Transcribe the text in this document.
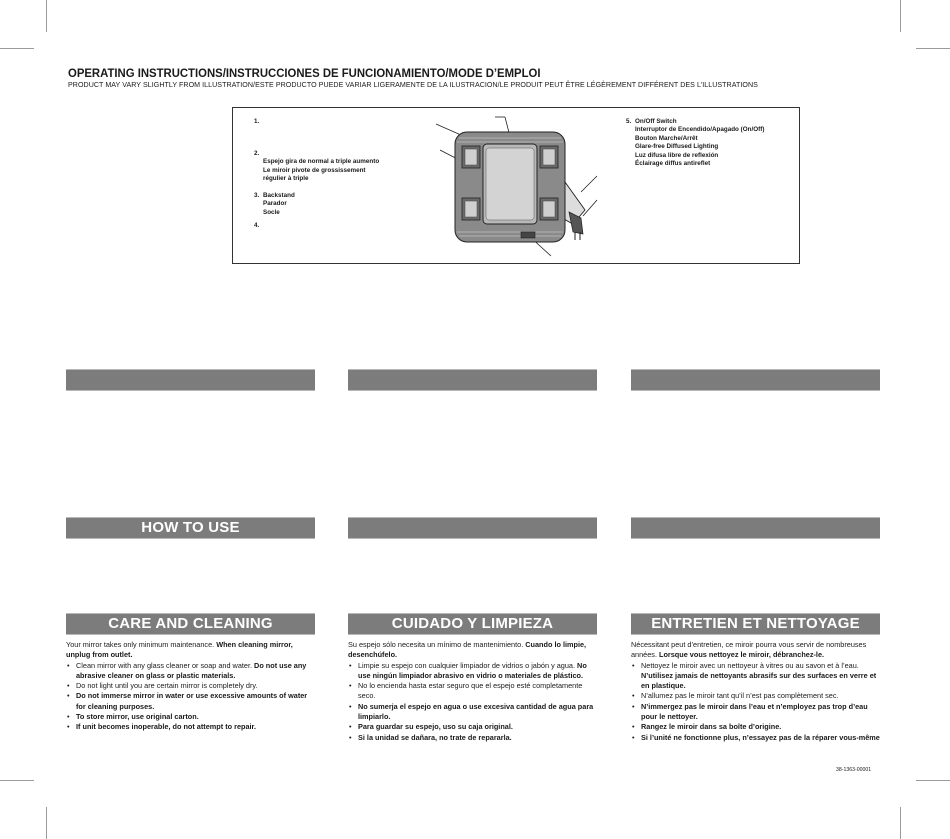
OPERATING INSTRUCTIONS/INSTRUCCIONES DE FUNCIONAMIENTO/MODE D’EMPLOI
PRODUCT MAY VARY SLIGHTLY FROM ILLUSTRATION/ESTE PRODUCTO PUEDE VARIAR LIGERAMENTE DE LA ILUSTRACION/LE PRODUIT PEUT ÊTRE LÉGÈREMENT DIFFÉRENT DES L’ILLUSTRATIONS
1.
2.
Espejo gira de normal a triple aumento
Le miroir pivote de grossissement
régulier à triple
3. Backstand
Parador
Socle
4.
5. On/Off Switch
Interruptor de Encendido/Apagado (On/Off)
Bouton Marche/Arrêt
Glare-free Diffused Lighting
Luz difusa libre de reflexión
Éclairage diffus antireflet
HOW TO USE
CARE AND CLEANING	CUIDADO Y LIMPIEZA	ENTRETIEN ET NETTOYAGE

Your mirror takes only minimum maintenance. When cleaning mirror, unplug from outlet.

• Clean mirror with any glass cleaner or soap and water. Do not use any abrasive cleaner on glass or plastic materials.
• Do not light until you are certain mirror is completely dry.
• Do not immerse mirror in water or use excessive amounts of water for cleaning purposes.
• To store mirror, use original carton.
• If unit becomes inoperable, do not attempt to repair.

Su espejo sólo necesita un mínimo de mantenimiento. Cuando lo limpie, desenchúfelo.

• Limpie su espejo con cualquier limpiador de vidrios o jabón y agua. No use ningún limpiador abrasivo en vidrio o materiales de plástico.
• No lo encienda hasta estar seguro que el espejo esté completamente seco.
• No sumerja el espejo en agua o use excesiva cantidad de agua para limpiarlo.
• Para guardar su espejo, uso su caja original.
• Si la unidad se dañara, no trate de repararla.

Nécessitant peut d’entretien, ce miroir pourra vous servir de nombreuses années. Lorsque vous nettoyez le miroir, débranchez-le.

• Nettoyez le miroir avec un nettoyeur à vitres ou au savon et à l’eau. N’utilisez jamais de nettoyants abrasifs sur des surfaces en verre et en plastique.
• N’allumez pas le miroir tant qu’il n’est pas complètement sec.
• N’immergez pas le miroir dans l’eau et n’employez pas trop d’eau pour le nettoyer.
• Rangez le miroir dans sa boîte d’origine.
• Si l’unité ne fonctionne plus, n’essayez pas de la réparer vous-même
38-1363-00001
